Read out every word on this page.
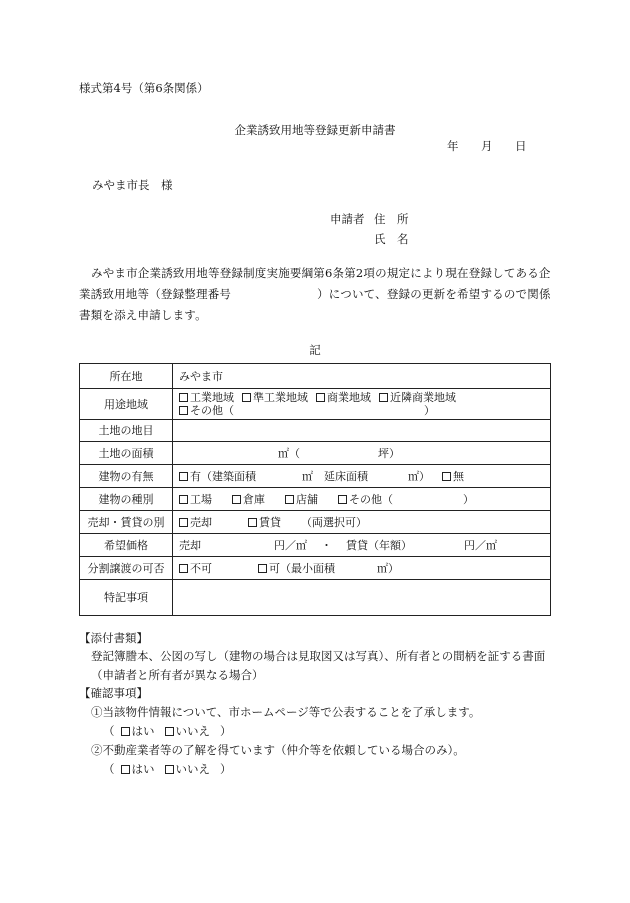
様式第4号（第6条関係）
企業誘致用地等登録更新申請書
年 月 日
みやま市長　様
申請者 住　所
氏　名
みやま市企業誘致用地等登録制度実施要綱第6条第2項の規定により現在登録してある企業誘致用地等（登録整理番号	）について、登録の更新を希望するので関係書類を添え申請します。
記
所在地	みやま市
用途地域	工業地域 準工業地域 商業地域 近隣商業地域
その他（ ）

土地の地目	
土地の面積	㎡（ 坪）
建物の有無	有（建築面積 ㎡　延床面積 ㎡） 無
建物の種別	工場 倉庫 店舗 その他（ ）
売却・賃貸の別	売却 賃貸 （両選択可）
希望価格	売却 円／㎡ ・ 賃貸（年額） 円／㎡
分割譲渡の可否	不可 可（最小面積 ㎡）
特記事項	
【添付書類】
登記簿謄本、公図の写し（建物の場合は見取図又は写真）、所有者との間柄を証する書面
（申請者と所有者が異なる場合）
【確認事項】
①当該物件情報について、市ホームページ等で公表することを了承します。
（ はい いいえ ）
②不動産業者等の了解を得ています（仲介等を依頼している場合のみ）。
（ はい いいえ ）
